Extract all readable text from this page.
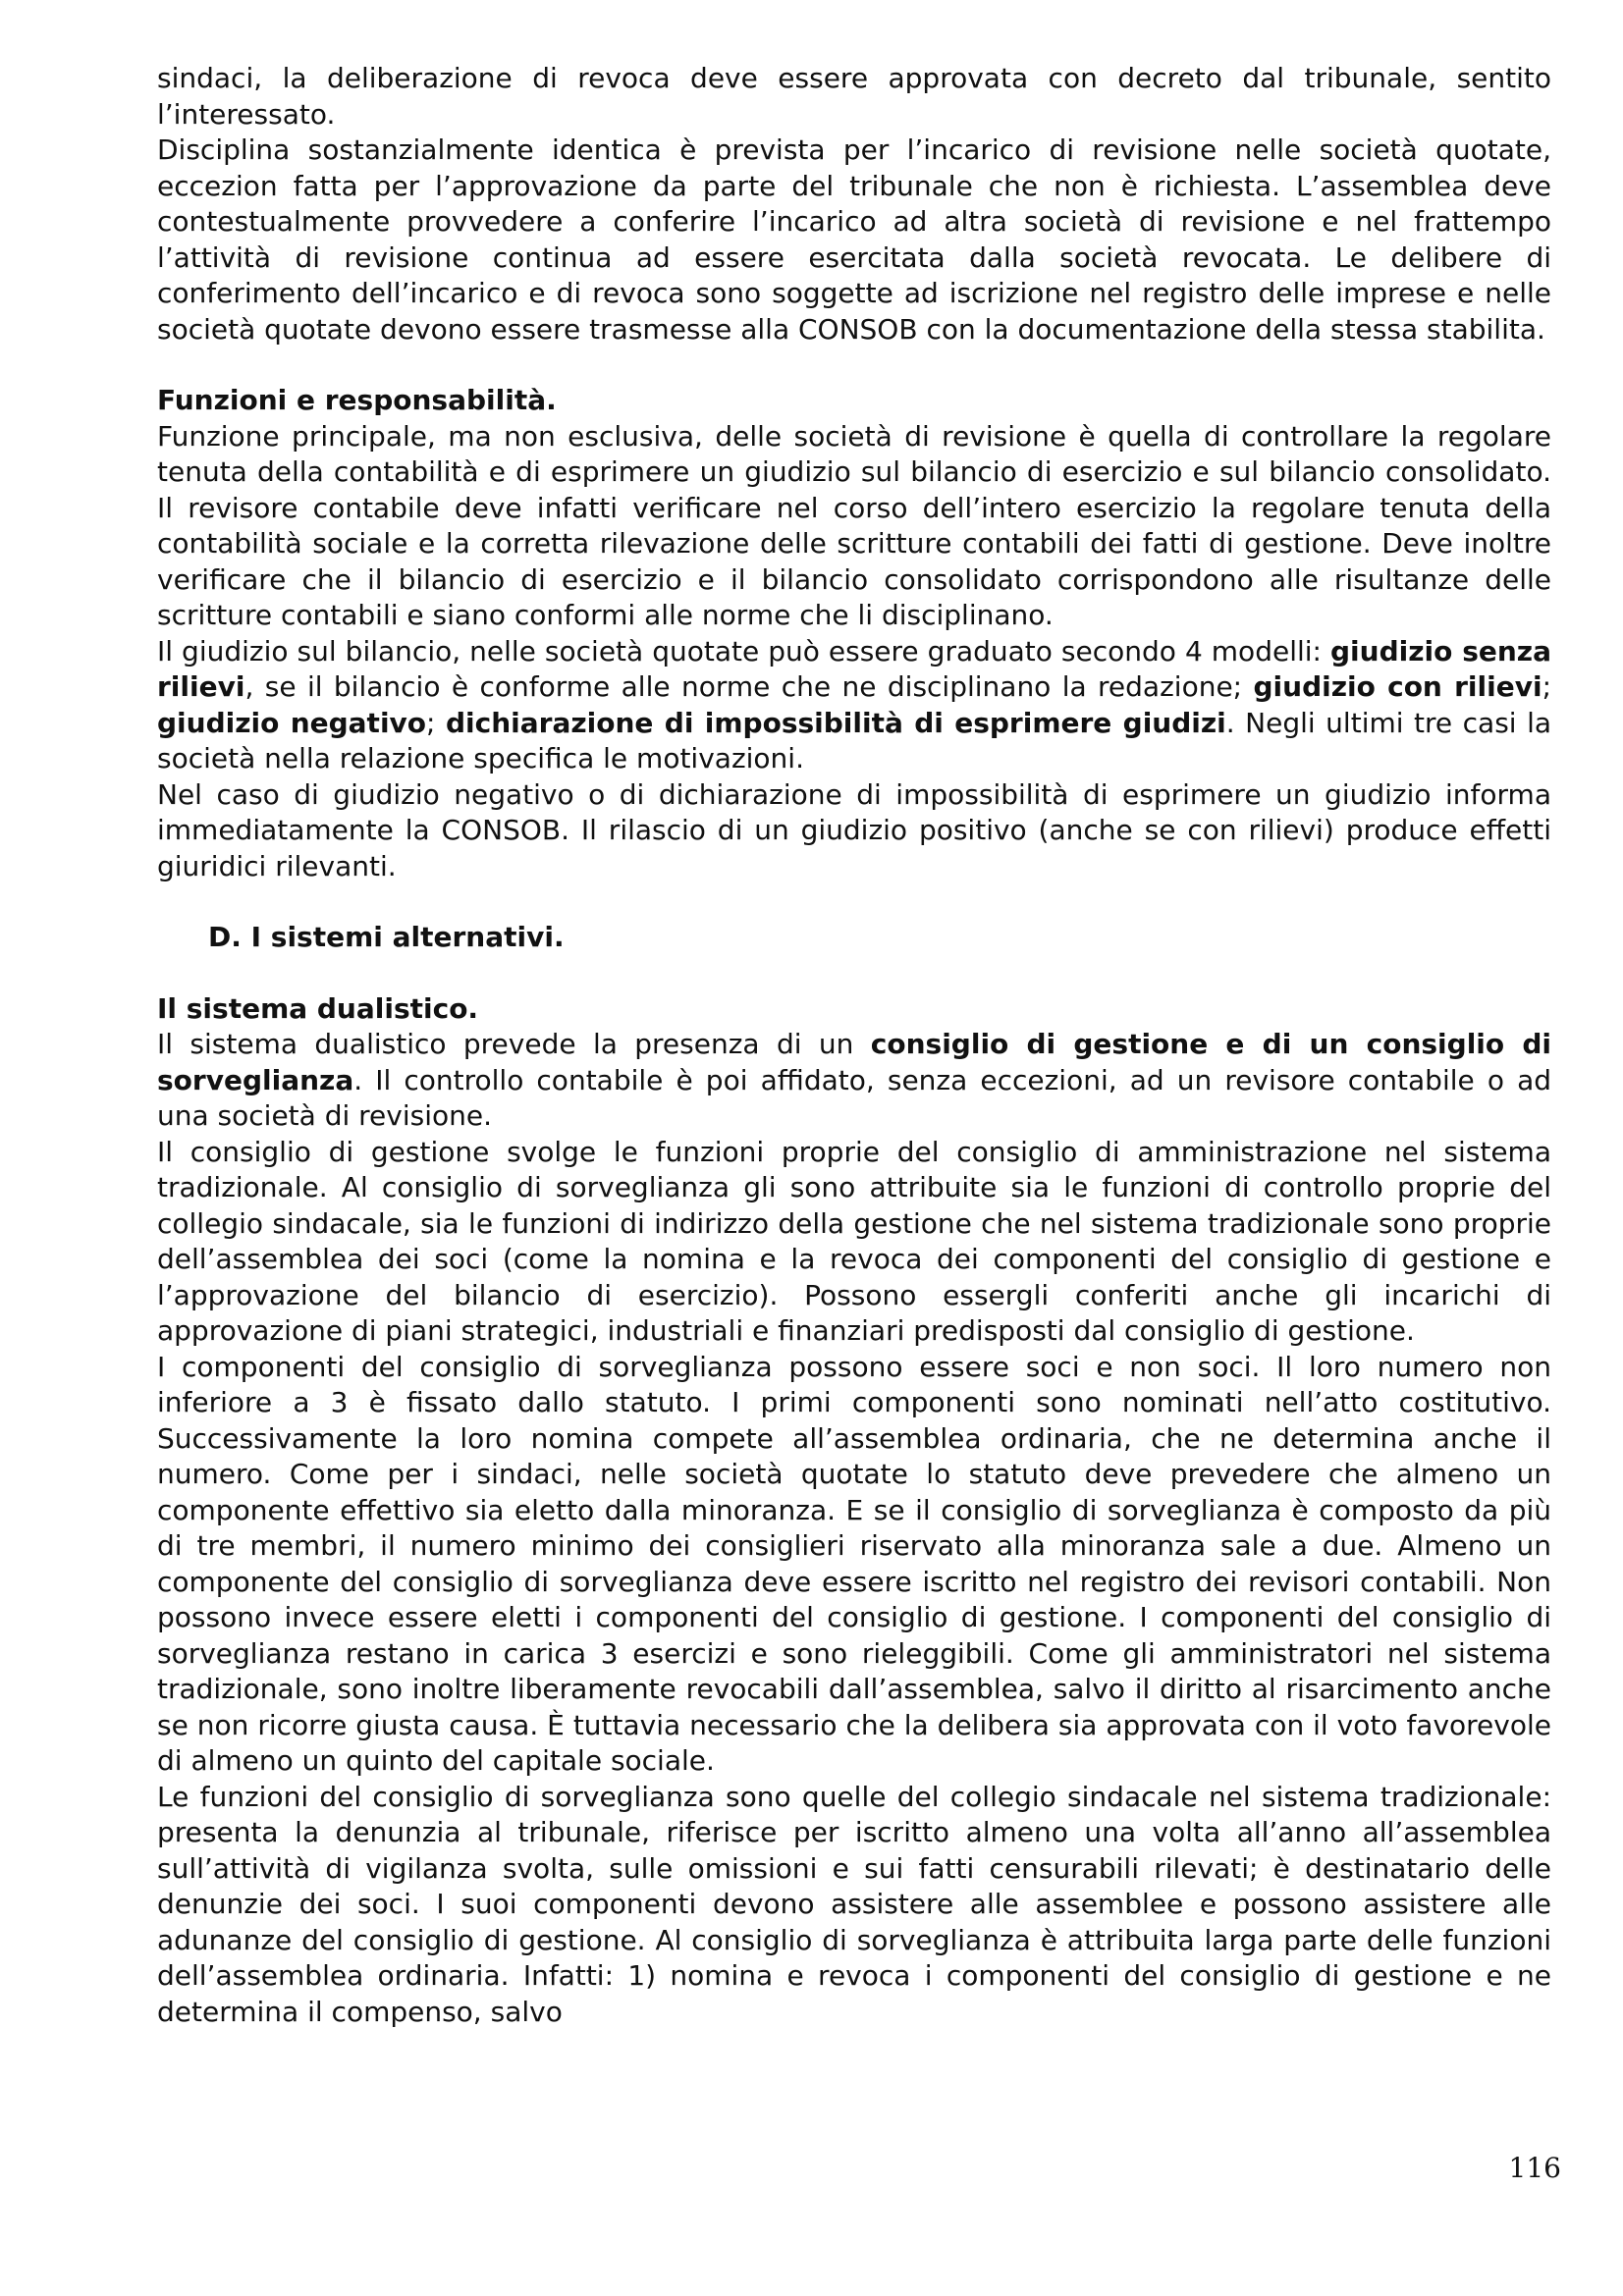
sindaci, la deliberazione di revoca deve essere approvata con decreto dal tribunale, sentito l’interessato.

Disciplina sostanzialmente identica è prevista per l’incarico di revisione nelle società quotate, eccezion fatta per l’approvazione da parte del tribunale che non è richiesta. L’assemblea deve contestualmente provvedere a conferire l’incarico ad altra società di revisione e nel frattempo l’attività di revisione continua ad essere esercitata dalla società revocata. Le delibere di conferimento dell’incarico e di revoca sono soggette ad iscrizione nel registro delle imprese e nelle società quotate devono essere trasmesse alla CONSOB con la documentazione della stessa stabilita.

Funzioni e responsabilità.

Funzione principale, ma non esclusiva, delle società di revisione è quella di controllare la regolare tenuta della contabilità e di esprimere un giudizio sul bilancio di esercizio e sul bilancio consolidato. Il revisore contabile deve infatti verificare nel corso dell’intero esercizio la regolare tenuta della contabilità sociale e la corretta rilevazione delle scritture contabili dei fatti di gestione. Deve inoltre verificare che il bilancio di esercizio e il bilancio consolidato corrispondono alle risultanze delle scritture contabili e siano conformi alle norme che li disciplinano.

Il giudizio sul bilancio, nelle società quotate può essere graduato secondo 4 modelli: giudizio senza rilievi, se il bilancio è conforme alle norme che ne disciplinano la redazione; giudizio con rilievi; giudizio negativo; dichiarazione di impossibilità di esprimere giudizi. Negli ultimi tre casi la società nella relazione specifica le motivazioni.

Nel caso di giudizio negativo o di dichiarazione di impossibilità di esprimere un giudizio informa immediatamente la CONSOB. Il rilascio di un giudizio positivo (anche se con rilievi) produce effetti giuridici rilevanti.

D. I sistemi alternativi.
Il sistema dualistico.

Il sistema dualistico prevede la presenza di un consiglio di gestione e di un consiglio di sorveglianza. Il controllo contabile è poi affidato, senza eccezioni, ad un revisore contabile o ad una società di revisione.

Il consiglio di gestione svolge le funzioni proprie del consiglio di amministrazione nel sistema tradizionale. Al consiglio di sorveglianza gli sono attribuite sia le funzioni di controllo proprie del collegio sindacale, sia le funzioni di indirizzo della gestione che nel sistema tradizionale sono proprie dell’assemblea dei soci (come la nomina e la revoca dei componenti del consiglio di gestione e l’approvazione del bilancio di esercizio). Possono essergli conferiti anche gli incarichi di approvazione di piani strategici, industriali e finanziari predisposti dal consiglio di gestione.

I componenti del consiglio di sorveglianza possono essere soci e non soci. Il loro numero non inferiore a 3 è fissato dallo statuto. I primi componenti sono nominati nell’atto costitutivo. Successivamente la loro nomina compete all’assemblea ordinaria, che ne determina anche il numero. Come per i sindaci, nelle società quotate lo statuto deve prevedere che almeno un componente effettivo sia eletto dalla minoranza. E se il consiglio di sorveglianza è composto da più di tre membri, il numero minimo dei consiglieri riservato alla minoranza sale a due. Almeno un componente del consiglio di sorveglianza deve essere iscritto nel registro dei revisori contabili. Non possono invece essere eletti i componenti del consiglio di gestione. I componenti del consiglio di sorveglianza restano in carica 3 esercizi e sono rieleggibili. Come gli amministratori nel sistema tradizionale, sono inoltre liberamente revocabili dall’assemblea, salvo il diritto al risarcimento anche se non ricorre giusta causa. È tuttavia necessario che la delibera sia approvata con il voto favorevole di almeno un quinto del capitale sociale.

Le funzioni del consiglio di sorveglianza sono quelle del collegio sindacale nel sistema tradizionale: presenta la denunzia al tribunale, riferisce per iscritto almeno una volta all’anno all’assemblea sull’attività di vigilanza svolta, sulle omissioni e sui fatti censurabili rilevati; è destinatario delle denunzie dei soci. I suoi componenti devono assistere alle assemblee e possono assistere alle adunanze del consiglio di gestione. Al consiglio di sorveglianza è attribuita larga parte delle funzioni dell’assemblea ordinaria. Infatti: 1) nomina e revoca i componenti del consiglio di gestione e ne determina il compenso, salvo

116
